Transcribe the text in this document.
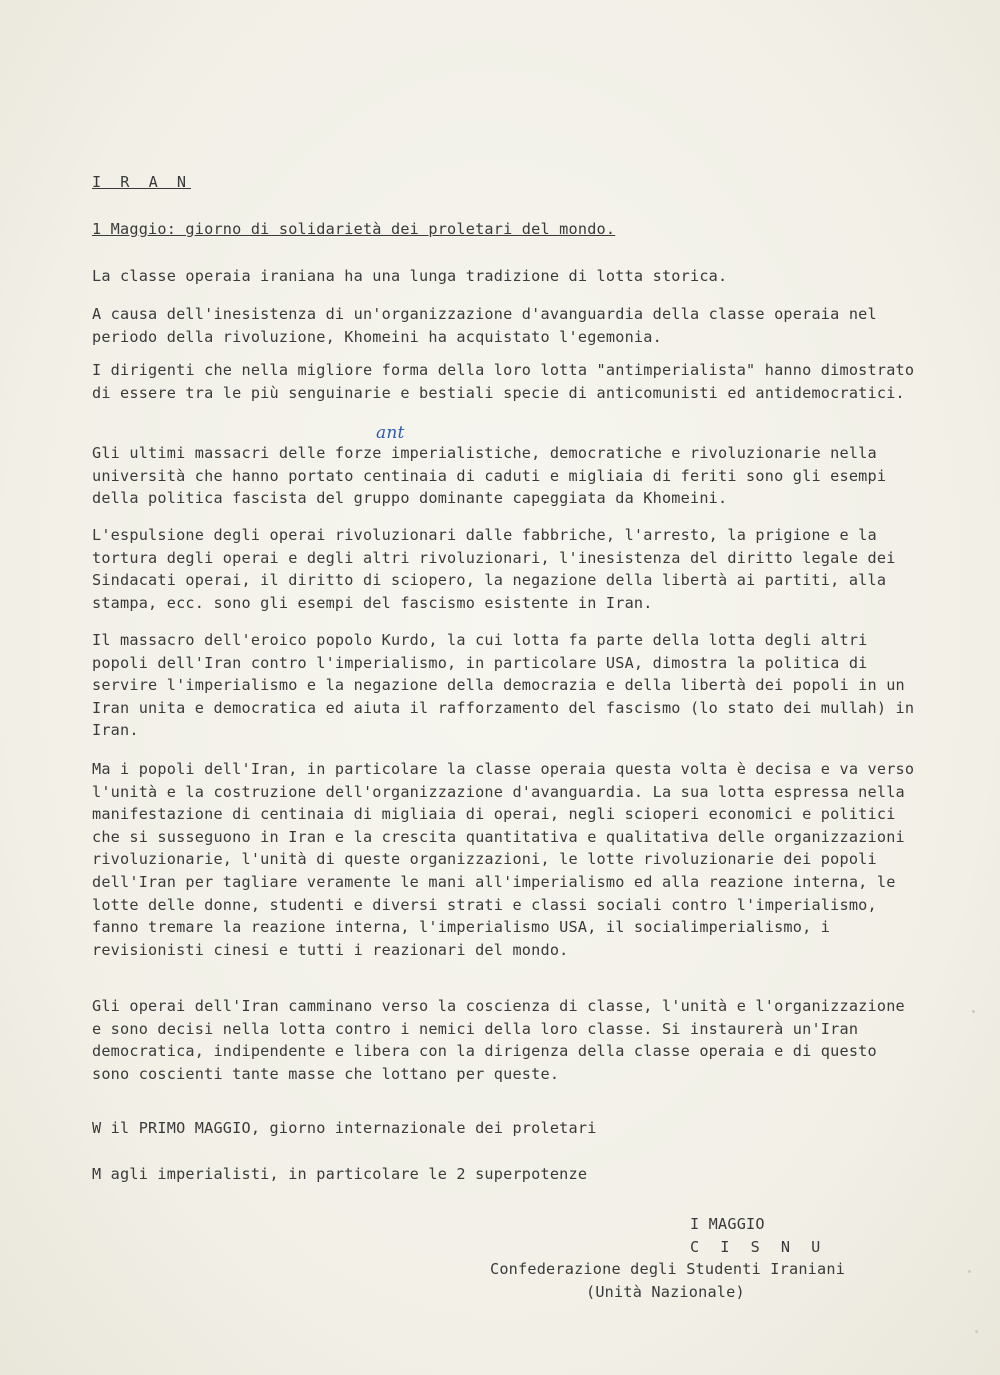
I R A N
1 Maggio: giorno di solidarietà dei proletari del mondo.
La classe operaia iraniana ha una lunga tradizione di lotta storica.
A causa dell'inesistenza di un'organizzazione d'avanguardia della classe operaia nel periodo della rivoluzione, Khomeini ha acquistato l'egemonia.
I dirigenti che nella migliore forma della loro lotta "antimperialista" hanno dimostrato di essere tra le più senguinarie e bestiali specie di anticomunisti ed antidemocratici.
ant
Gli ultimi massacri delle forze imperialistiche, democratiche e rivoluzionarie nella università che hanno portato centinaia di caduti e migliaia di feriti sono gli esempi della politica fascista del gruppo dominante capeggiata da Khomeini.
L'espulsione degli operai rivoluzionari dalle fabbriche, l'arresto, la prigione e la tortura degli operai e degli altri rivoluzionari, l'inesistenza del diritto legale dei Sindacati operai, il diritto di sciopero, la negazione della libertà ai partiti, alla stampa, ecc. sono gli esempi del fascismo esistente in Iran.
Il massacro dell'eroico popolo Kurdo, la cui lotta fa parte della lotta degli altri popoli dell'Iran contro l'imperialismo, in particolare USA, dimostra la politica di servire l'imperialismo e la negazione della democrazia e della libertà dei popoli in un Iran unita e democratica ed aiuta il rafforzamento del fascismo (lo stato dei mullah) in Iran.
Ma i popoli dell'Iran, in particolare la classe operaia questa volta è decisa e va verso l'unità e la costruzione dell'organizzazione d'avanguardia. La sua lotta espressa nella manifestazione di centinaia di migliaia di operai, negli scioperi economici e politici che si susseguono in Iran e la crescita quantitativa e qualitativa delle organizzazioni rivoluzionarie, l'unità di queste organizzazioni, le lotte rivoluzionarie dei popoli dell'Iran per tagliare veramente le mani all'imperialismo ed alla reazione interna, le lotte delle donne, studenti e diversi strati e classi sociali contro l'imperialismo, fanno tremare la reazione interna, l'imperialismo USA, il socialimperialismo, i revisionisti cinesi e tutti i reazionari del mondo.
Gli operai dell'Iran camminano verso la coscienza di classe, l'unità e l'organizzazione e sono decisi nella lotta contro i nemici della loro classe. Si instaurerà un'Iran democratica, indipendente e libera con la dirigenza della classe operaia e di questo sono coscienti tante masse che lottano per queste.
W il PRIMO MAGGIO, giorno internazionale dei proletari
M agli imperialisti, in particolare le 2 superpotenze
I MAGGIO
C I S N U
Confederazione degli Studenti Iraniani
(Unità Nazionale)
